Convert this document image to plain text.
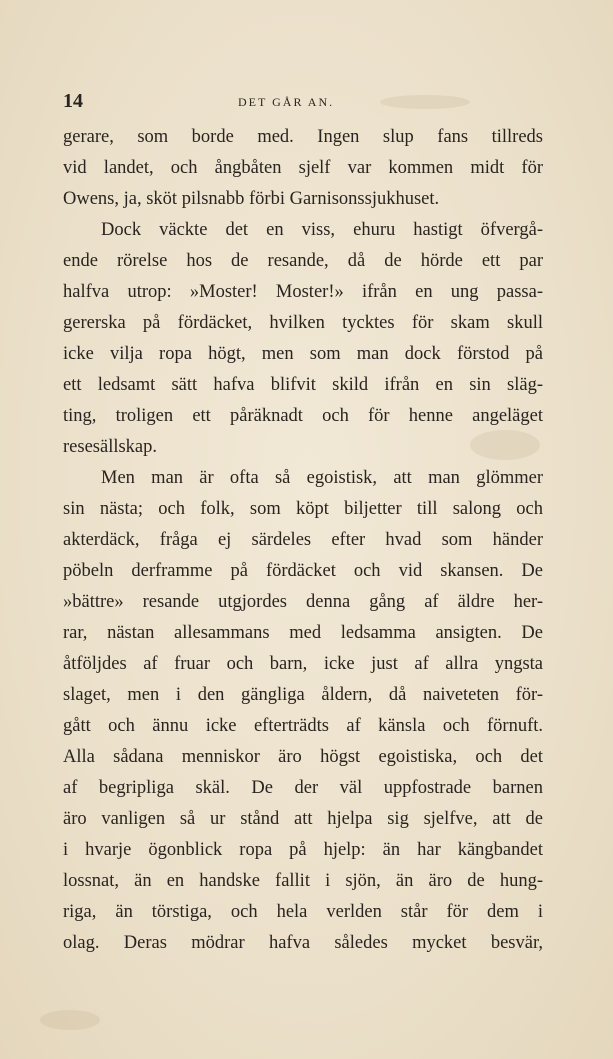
14	DET GÅR AN.
gerare, som borde med. Ingen slup fans tillreds
vid landet, och ångbåten sjelf var kommen midt för
Owens, ja, sköt pilsnabb förbi Garnisonssjukhuset.
Dock väckte det en viss, ehuru hastigt öfvergå-
ende rörelse hos de resande, då de hörde ett par
halfva utrop: »Moster! Moster!» ifrån en ung passa-
gererska på fördäcket, hvilken tycktes för skam skull
icke vilja ropa högt, men som man dock förstod på
ett ledsamt sätt hafva blifvit skild ifrån en sin släg-
ting, troligen ett påräknadt och för henne angeläget
resesällskap.
Men man är ofta så egoistisk, att man glömmer
sin nästa; och folk, som köpt biljetter till salong och
akterdäck, fråga ej särdeles efter hvad som händer
pöbeln derframme på fördäcket och vid skansen. De
»bättre» resande utgjordes denna gång af äldre her-
rar, nästan allesammans med ledsamma ansigten. De
åtföljdes af fruar och barn, icke just af allra yngsta
slaget, men i den gängliga åldern, då naiveteten för-
gått och ännu icke efterträdts af känsla och förnuft.
Alla sådana menniskor äro högst egoistiska, och det
af begripliga skäl. De der väl uppfostrade barnen
äro vanligen så ur stånd att hjelpa sig sjelfve, att de
i hvarje ögonblick ropa på hjelp: än har kängbandet
lossnat, än en handske fallit i sjön, än äro de hung-
riga, än törstiga, och hela verlden står för dem i
olag. Deras mödrar hafva således mycket besvär,
